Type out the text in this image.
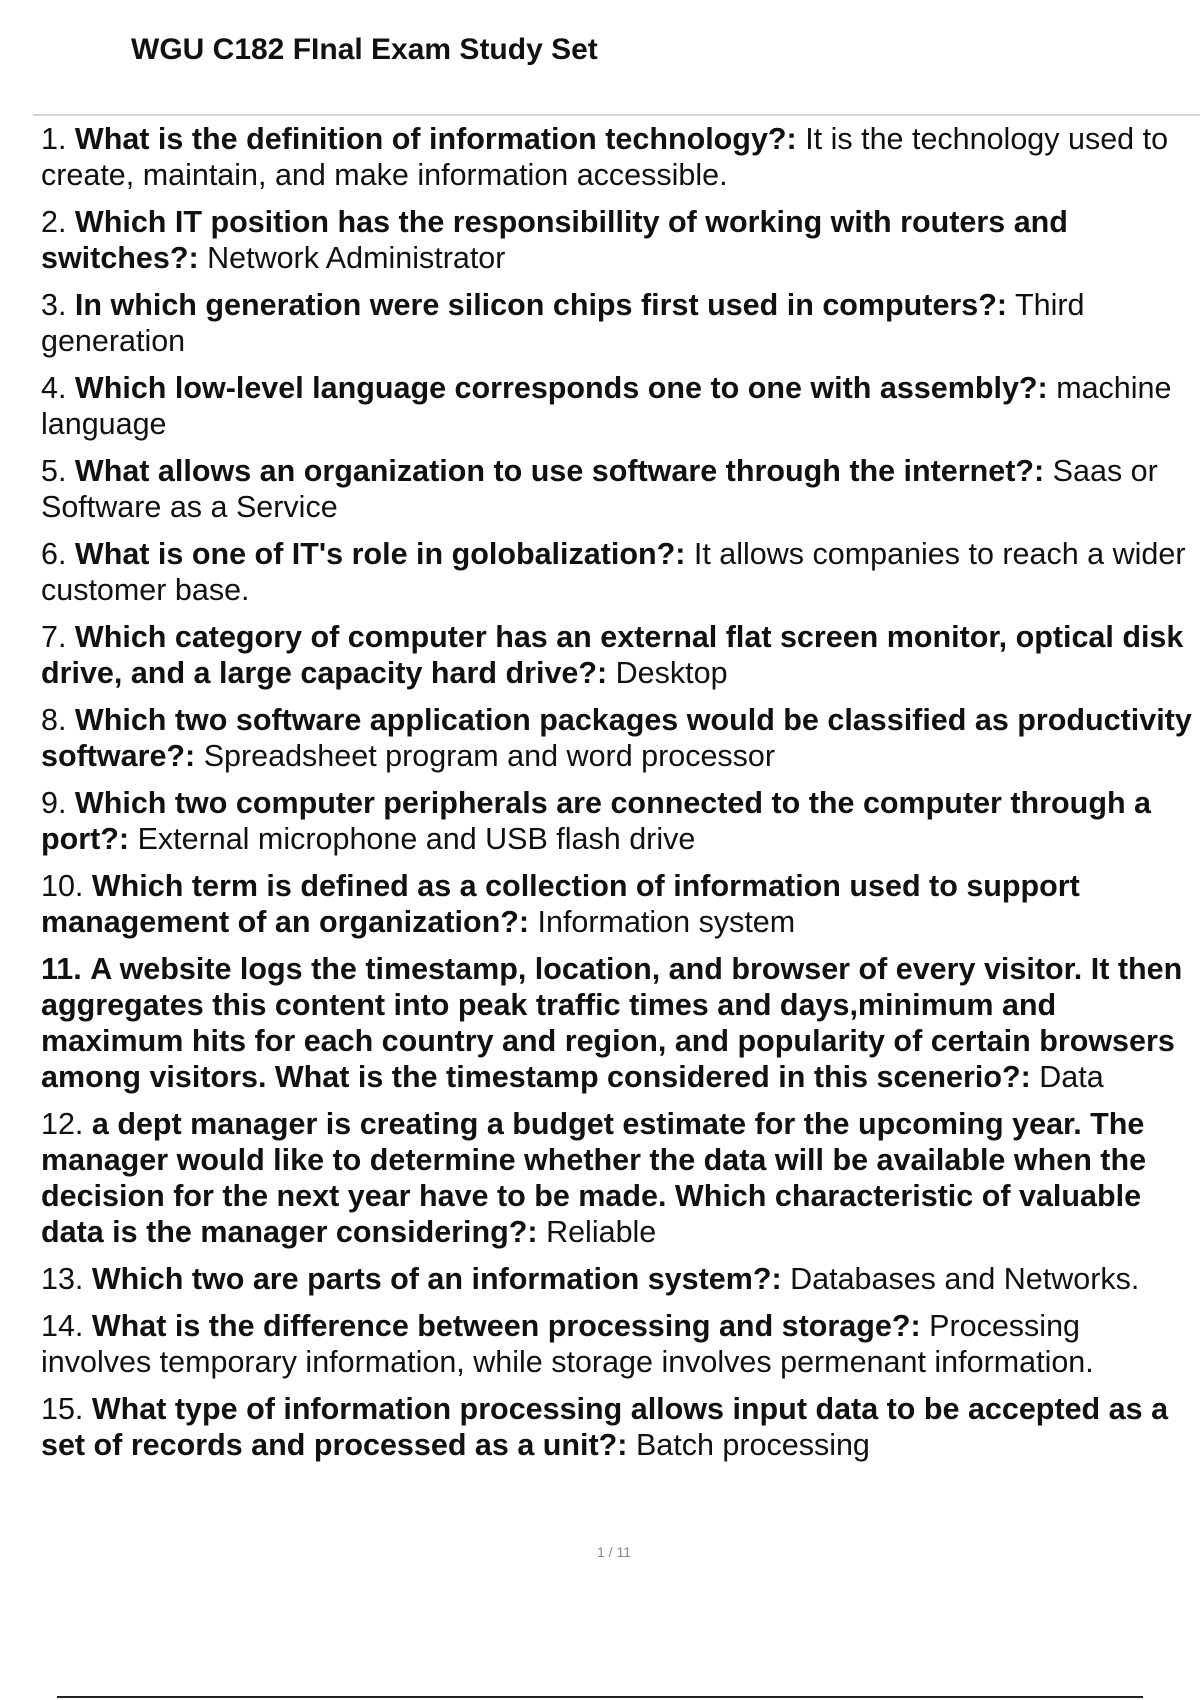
WGU C182 FInal Exam Study Set
1. What is the definition of information technology?: It is the technology used to create, maintain, and make information accessible.
2. Which IT position has the responsibillity of working with routers and switches?: Network Administrator
3. In which generation were silicon chips first used in computers?: Third generation
4. Which low-level language corresponds one to one with assembly?: machine language
5. What allows an organization to use software through the internet?: Saas or Software as a Service
6. What is one of IT's role in golobalization?: It allows companies to reach a wider customer base.
7. Which category of computer has an external flat screen monitor, optical disk drive, and a large capacity hard drive?: Desktop
8. Which two software application packages would be classified as productivity software?: Spreadsheet program and word processor
9. Which two computer peripherals are connected to the computer through a port?: External microphone and USB flash drive
10. Which term is defined as a collection of information used to support management of an organization?: Information system
11. A website logs the timestamp, location, and browser of every visitor. It then aggregates this content into peak traffic times and days,minimum and maximum hits for each country and region, and popularity of certain browsers among visitors. What is the timestamp considered in this scenerio?: Data
12. a dept manager is creating a budget estimate for the upcoming year. The manager would like to determine whether the data will be available when the decision for the next year have to be made. Which characteristic of valuable data is the manager considering?: Reliable
13. Which two are parts of an information system?: Databases and Networks.
14. What is the difference between processing and storage?: Processing involves temporary information, while storage involves permenant information.
15. What type of information processing allows input data to be accepted as a set of records and processed as a unit?: Batch processing
1 / 11
